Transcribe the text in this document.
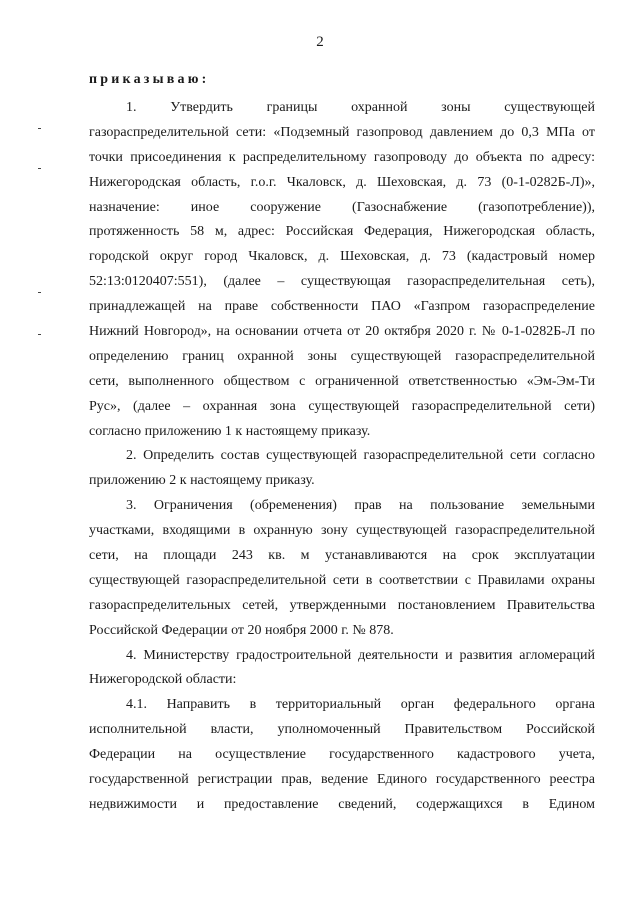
2
приказываю:
1. Утвердить границы охранной зоны существующей
газораспределительной сети: «Подземный газопровод давлением до 0,3 МПа от
точки присоединения к распределительному газопроводу до объекта по адресу:
Нижегородская область, г.о.г. Чкаловск, д. Шеховская, д. 73 (0-1-0282Б-Л)»,
назначение: иное сооружение (Газоснабжение (газопотребление)),
протяженность 58 м, адрес: Российская Федерация, Нижегородская область,
городской округ город Чкаловск, д. Шеховская, д. 73 (кадастровый номер
52:13:0120407:551), (далее – существующая газораспределительная сеть),
принадлежащей на праве собственности ПАО «Газпром газораспределение
Нижний Новгород», на основании отчета от 20 октября 2020 г. № 0-1-0282Б-Л по
определению границ охранной зоны существующей газораспределительной
сети, выполненного обществом с ограниченной ответственностью «Эм-Эм-Ти
Рус», (далее – охранная зона существующей газораспределительной сети)
согласно приложению 1 к настоящему приказу.
2. Определить состав существующей газораспределительной сети согласно
приложению 2 к настоящему приказу.
3. Ограничения (обременения) прав на пользование земельными
участками, входящими в охранную зону существующей газораспределительной
сети, на площади 243 кв. м устанавливаются на срок эксплуатации
существующей газораспределительной сети в соответствии с Правилами охраны
газораспределительных сетей, утвержденными постановлением Правительства
Российской Федерации от 20 ноября 2000 г. № 878.
4. Министерству градостроительной деятельности и развития агломераций
Нижегородской области:
4.1. Направить в территориальный орган федерального органа
исполнительной власти, уполномоченный Правительством Российской
Федерации на осуществление государственного кадастрового учета,
государственной регистрации прав, ведение Единого государственного реестра
недвижимости и предоставление сведений, содержащихся в Едином
